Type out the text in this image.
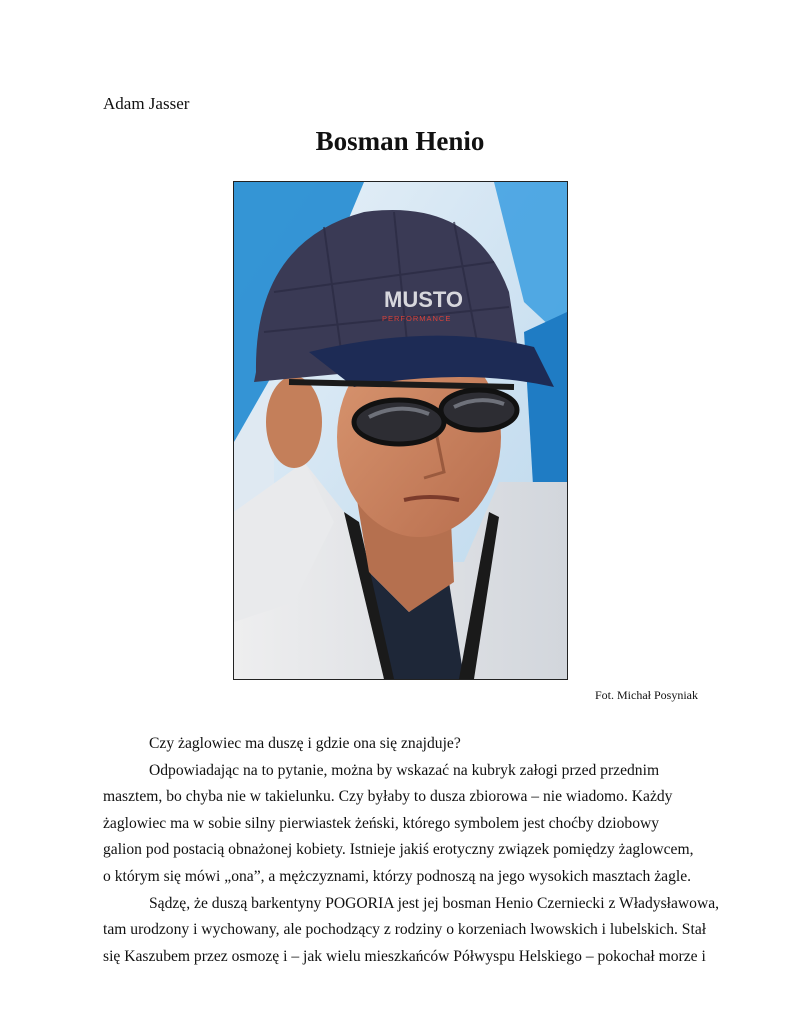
Adam Jasser
Bosman Henio
MUSTO
PERFORMANCE
Fot. Michał Posyniak

Czy żaglowiec ma duszę i gdzie ona się znajduje?

Odpowiadając na to pytanie, można by wskazać na kubryk załogi przed przednim
masztem, bo chyba nie w takielunku. Czy byłaby to dusza zbiorowa – nie wiadomo. Każdy
żaglowiec ma w sobie silny pierwiastek żeński, którego symbolem jest choćby dziobowy
galion pod postacią obnażonej kobiety. Istnieje jakiś erotyczny związek pomiędzy żaglowcem,
o którym się mówi „ona”, a mężczyznami, którzy podnoszą na jego wysokich masztach żagle.

Sądzę, że duszą barkentyny POGORIA jest jej bosman Henio Czerniecki z Władysławowa,
tam urodzony i wychowany, ale pochodzący z rodziny o korzeniach lwowskich i lubelskich. Stał
się Kaszubem przez osmozę i – jak wielu mieszkańców Półwyspu Helskiego – pokochał morze i
